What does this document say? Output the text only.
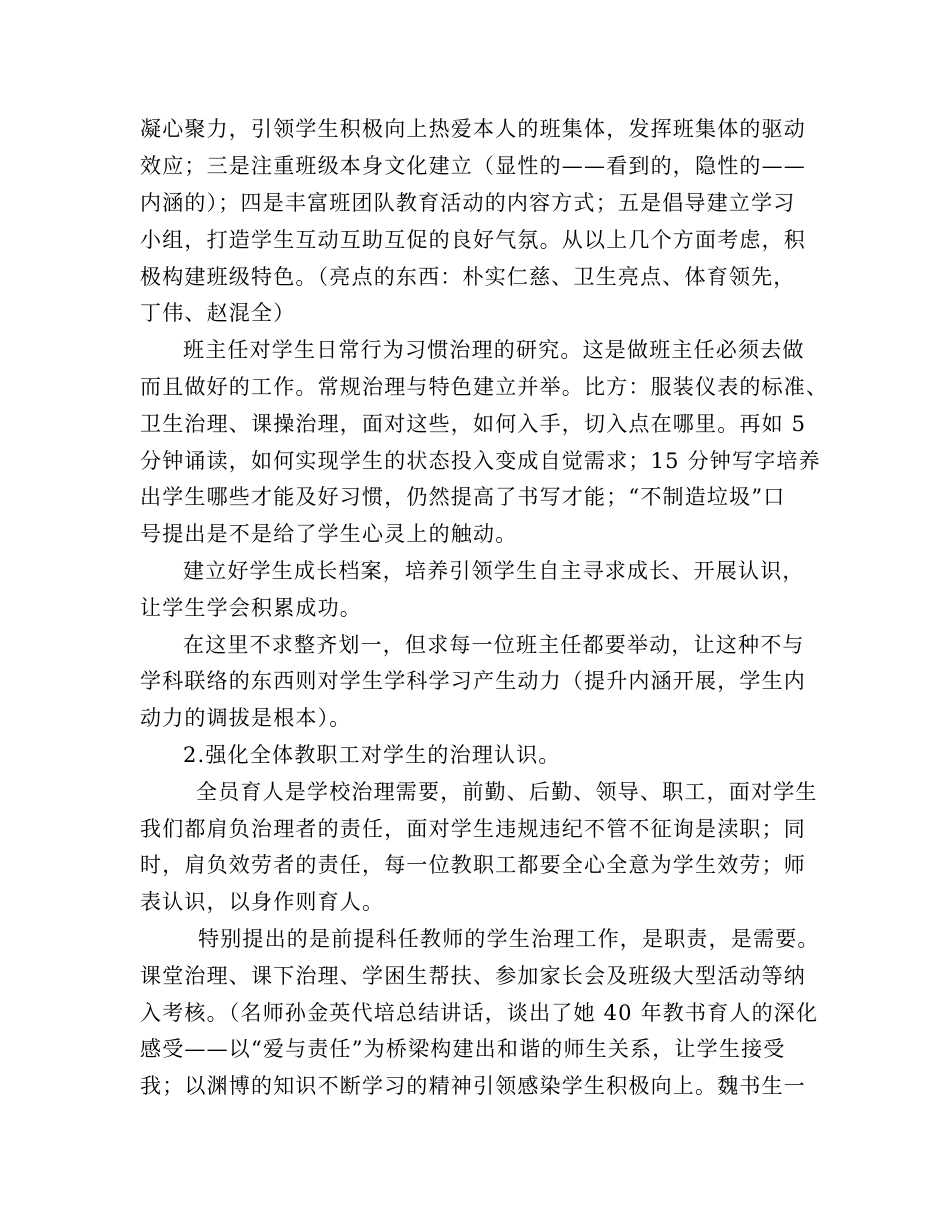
凝心聚力，引领学生积极向上热爱本人的班集体，发挥班集体的驱动
效应；三是注重班级本身文化建立（显性的——看到的，隐性的——
内涵的）；四是丰富班团队教育活动的内容方式；五是倡导建立学习
小组，打造学生互动互助互促的良好气氛。从以上几个方面考虑，积
极构建班级特色。（亮点的东西：朴实仁慈、卫生亮点、体育领先，
丁伟、赵混全）
班主任对学生日常行为习惯治理的研究。这是做班主任必须去做
而且做好的工作。常规治理与特色建立并举。比方：服装仪表的标准、
卫生治理、课操治理，面对这些，如何入手，切入点在哪里。再如 5
分钟诵读，如何实现学生的状态投入变成自觉需求；15 分钟写字培养
出学生哪些才能及好习惯，仍然提高了书写才能；“不制造垃圾”口
号提出是不是给了学生心灵上的触动。
建立好学生成长档案，培养引领学生自主寻求成长、开展认识，
让学生学会积累成功。
在这里不求整齐划一，但求每一位班主任都要举动，让这种不与
学科联络的东西则对学生学科学习产生动力（提升内涵开展，学生内
动力的调拔是根本）。
2.强化全体教职工对学生的治理认识。
全员育人是学校治理需要，前勤、后勤、领导、职工，面对学生
我们都肩负治理者的责任，面对学生违规违纪不管不征询是渎职；同
时，肩负效劳者的责任，每一位教职工都要全心全意为学生效劳；师
表认识，以身作则育人。
特别提出的是前提科任教师的学生治理工作，是职责，是需要。
课堂治理、课下治理、学困生帮扶、参加家长会及班级大型活动等纳
入考核。（名师孙金英代培总结讲话，谈出了她 40 年教书育人的深化
感受——以“爱与责任”为桥梁构建出和谐的师生关系，让学生接受
我；以渊博的知识不断学习的精神引领感染学生积极向上。魏书生一
